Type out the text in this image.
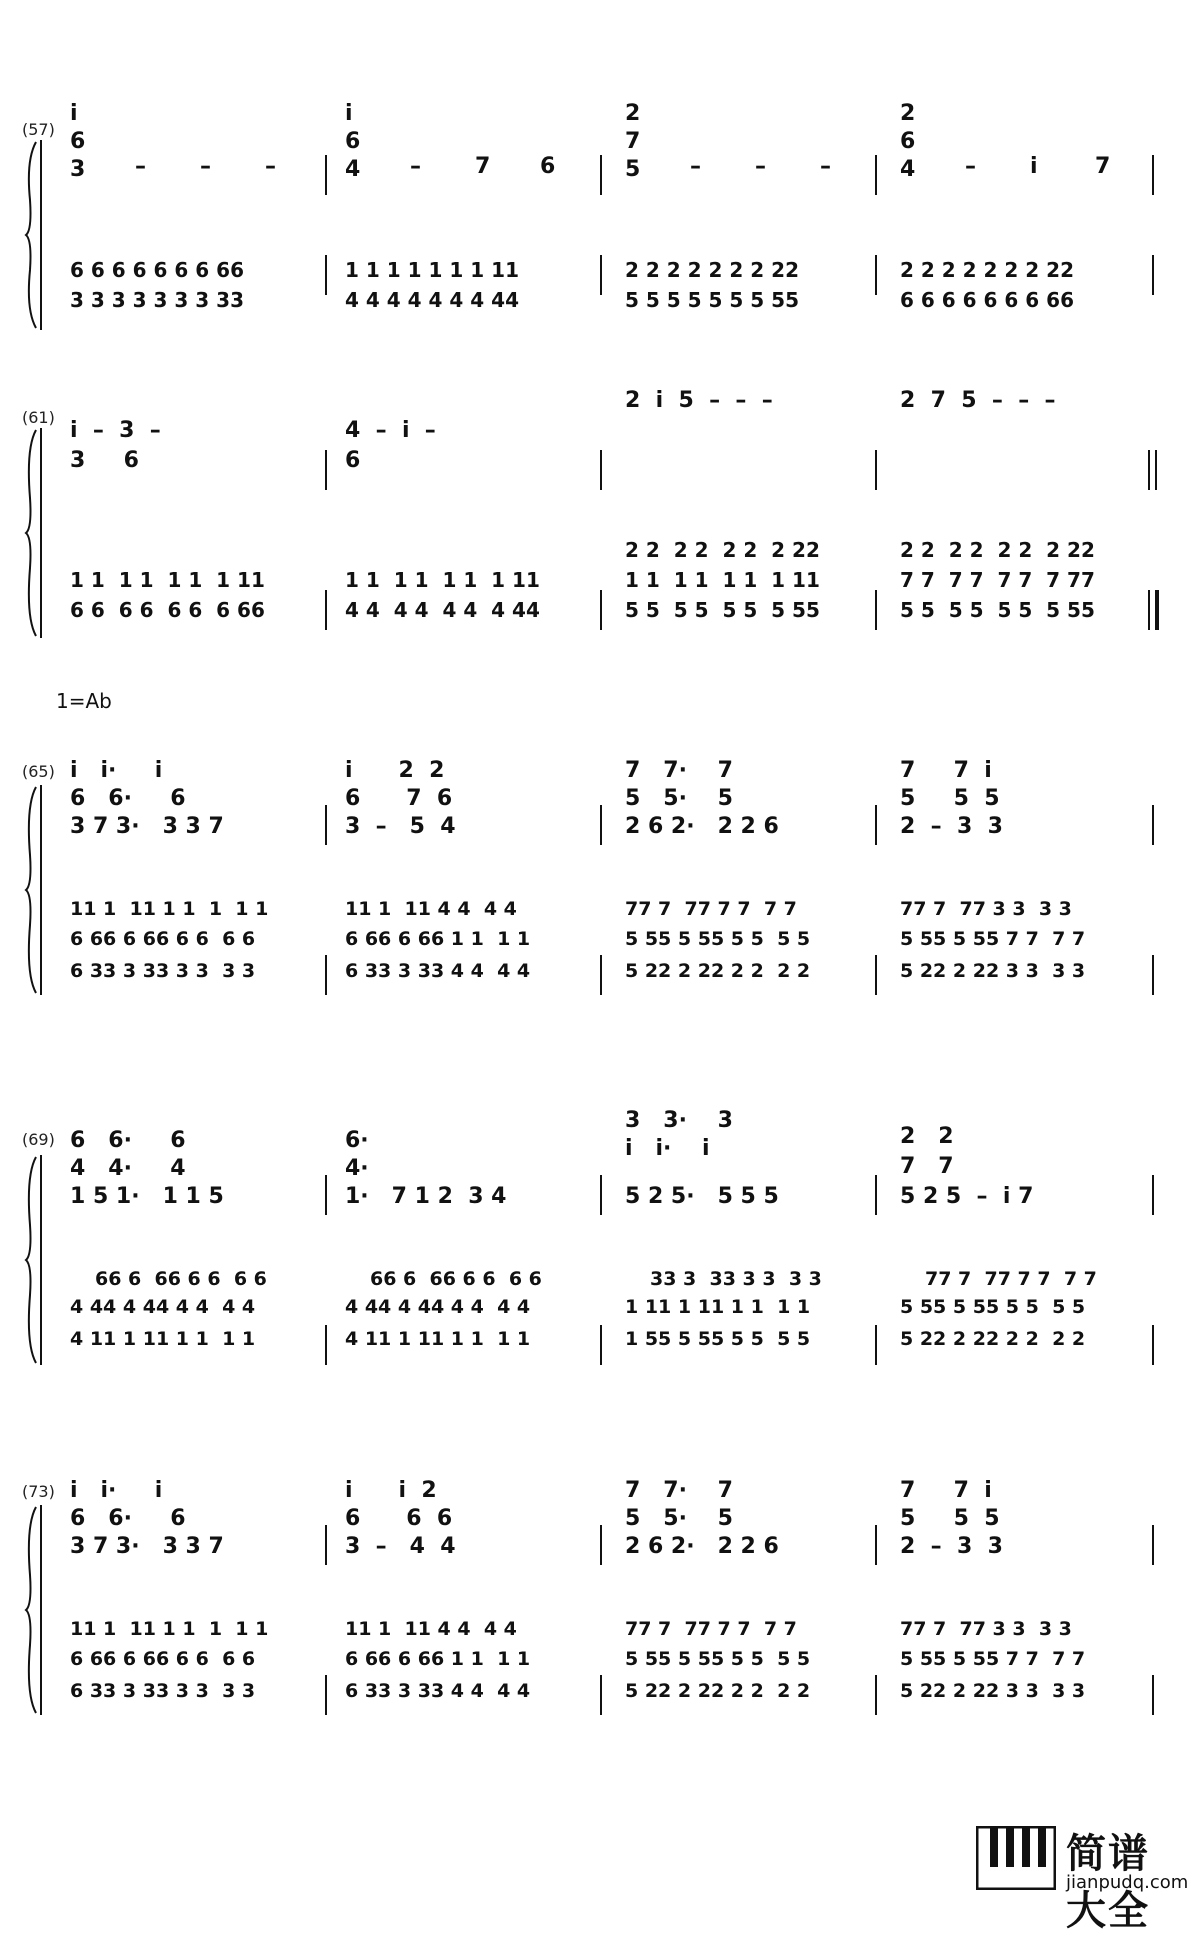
1=Ab
(57)
i
6
3 – – –
i
6
4 – 7 6
2
7
5 – – –
2
6
4 – i	7
6 6 6 6 6 6 6 66
3 3 3 3 3 3 3 33
1 1 1 1 1 1 1 11
4 4 4 4 4 4 4 44
2 2 2 2 2 2 2 22
5 5 5 5 5 5 5 55
2 2 2 2 2 2 2 22
6 6 6 6 6 6 6 66
(61)
i  –  3  –
3     6
4  –  i  –
6
2  i  5  –  –  –	2  7  5  –  –  –
1 1  1 1  1 1  1 11
6 6  6 6  6 6  6 66
1 1  1 1  1 1  1 11
4 4  4 4  4 4  4 44
2 2  2 2  2 2  2 22
1 1  1 1  1 1  1 11
5 5  5 5  5 5  5 55
2 2  2 2  2 2  2 22
7 7  7 7  7 7  7 77
5 5  5 5  5 5  5 55
(65) i   i·     i
6   6·     6
3 7 3·   3 3 7
i      2  2
6      7  6
3  –   5  4
7   7·    7
5   5·    5
2 6 2·   2 2 6
7     7  i
5     5  5
2  –  3  3
11 1  11 1 1  1  1 1
6 66 6 66 6 6  6 6
6 33 3 33 3 3  3 3
11 1  11 4 4  4 4
6 66 6 66 1 1  1 1
6 33 3 33 4 4  4 4
77 7  77 7 7  7 7
5 55 5 55 5 5  5 5
5 22 2 22 2 2  2 2
77 7  77 3 3  3 3
5 55 5 55 7 7  7 7
5 22 2 22 3 3  3 3
(69) 6   6·     6
4   4·     4
1 5 1·   1 1 5
6·
4·
1·   7 1 2  3 4
3   3·    3
i   i·    i
5 2 5·   5 5 5
2   2
7   7
5 2 5  –  i 7
66 6  66 6 6  6 6
4 44 4 44 4 4  4 4
4 11 1 11 1 1  1 1
66 6  66 6 6  6 6
4 44 4 44 4 4  4 4
4 11 1 11 1 1  1 1
33 3  33 3 3  3 3
1 11 1 11 1 1  1 1
1 55 5 55 5 5  5 5
77 7  77 7 7  7 7
5 55 5 55 5 5  5 5
5 22 2 22 2 2  2 2
(73) i   i·     i
6   6·     6
3 7 3·   3 3 7
i      i  2
6      6  6
3  –   4  4
7   7·    7
5   5·    5
2 6 2·   2 2 6
7     7  i
5     5  5
2  –  3  3
11 1  11 1 1  1  1 1
6 66 6 66 6 6  6 6
6 33 3 33 3 3  3 3
11 1  11 4 4  4 4
6 66 6 66 1 1  1 1
6 33 3 33 4 4  4 4
77 7  77 7 7  7 7
5 55 5 55 5 5  5 5
5 22 2 22 2 2  2 2
77 7  77 3 3  3 3
5 55 5 55 7 7  7 7
5 22 2 22 3 3  3 3
简谱大全
jianpudq.com
